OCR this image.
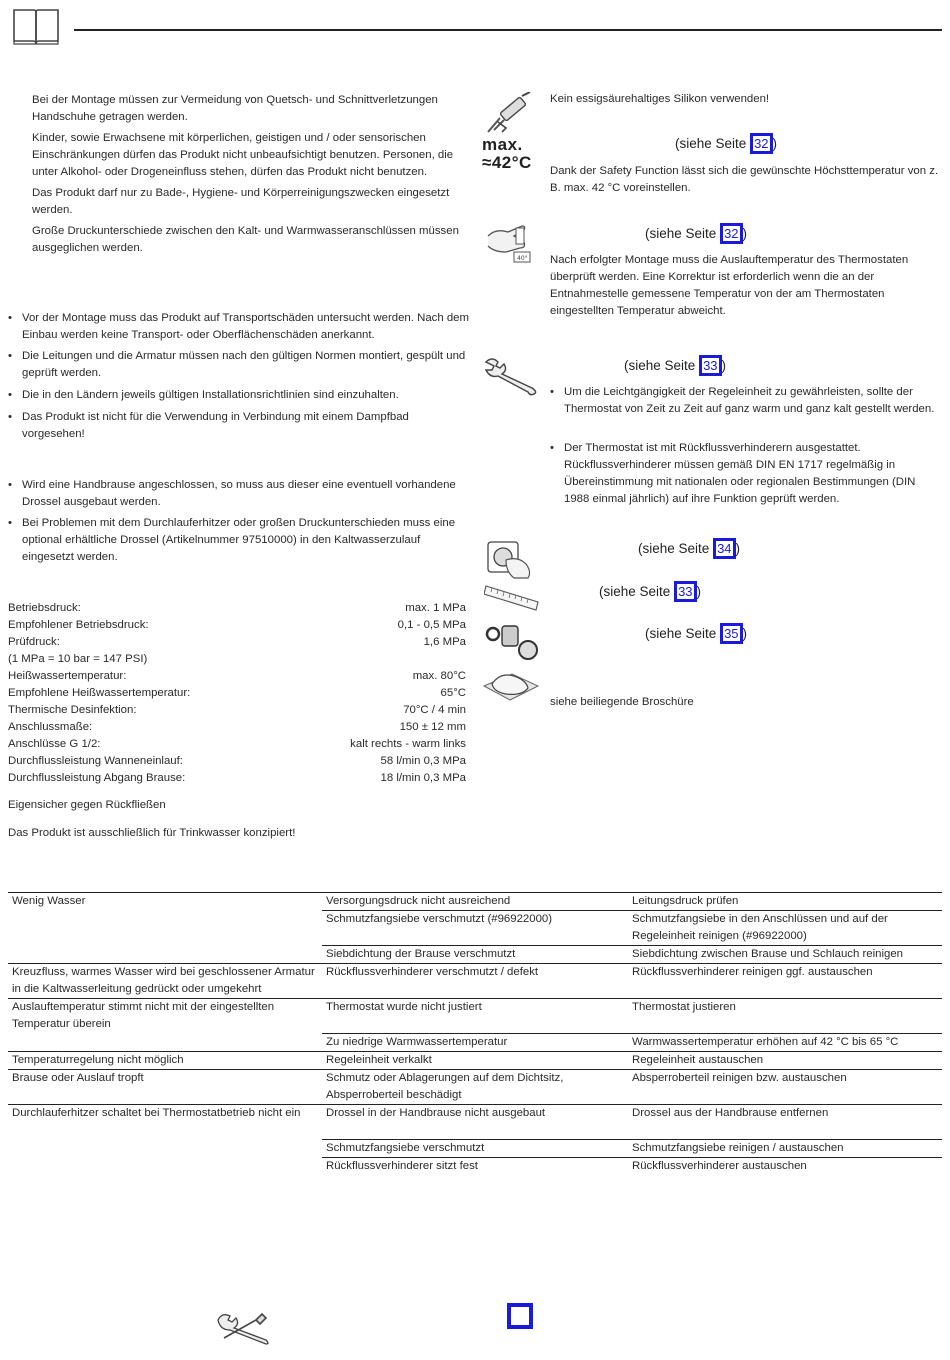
Bei der Montage müssen zur Vermeidung von Quetsch- und Schnittverletzungen Handschuhe getragen werden.

Kinder, sowie Erwachsene mit körperlichen, geistigen und / oder sensorischen Einschränkungen dürfen das Produkt nicht unbeaufsichtigt benutzen. Personen, die unter Alkohol- oder Drogeneinfluss stehen, dürfen das Produkt nicht benutzen.

Das Produkt darf nur zu Bade-, Hygiene- und Körperreinigungszwecken eingesetzt werden.

Große Druckunterschiede zwischen den Kalt- und Warmwasseranschlüssen müssen ausgeglichen werden.

• Vor der Montage muss das Produkt auf Transportschäden untersucht werden. Nach dem Einbau werden keine Transport- oder Oberflächenschäden anerkannt.
• Die Leitungen und die Armatur müssen nach den gültigen Normen montiert, gespült und geprüft werden.
• Die in den Ländern jeweils gültigen Installationsrichtlinien sind einzuhalten.
• Das Produkt ist nicht für die Verwendung in Verbindung mit einem Dampfbad vorgesehen!
• Wird eine Handbrause angeschlossen, so muss aus dieser eine eventuell vorhandene Drossel ausgebaut werden.
• Bei Problemen mit dem Durchlauferhitzer oder großen Druckunterschieden muss eine optional erhältliche Drossel (Artikelnummer 97510000) in den Kaltwasserzulauf eingesetzt werden.
Betriebsdruck:	max. 1 MPa
Empfohlener Betriebsdruck:	0,1 - 0,5 MPa
Prüfdruck:	1,6 MPa
(1 MPa = 10 bar = 147 PSI)
Heißwassertemperatur:	max. 80°C
Empfohlene Heißwassertemperatur:	65°C
Thermische Desinfektion:	70°C / 4 min
Anschlussmaße:	150 ± 12 mm
Anschlüsse G 1/2:	kalt rechts - warm links
Durchflussleistung Wanneneinlauf:	58 l/min 0,3 MPa
Durchflussleistung Abgang Brause:	18 l/min 0,3 MPa

Eigensicher gegen Rückfließen

Das Produkt ist ausschließlich für Trinkwasser konzipiert!

Kein essigsäurehaltiges Silikon verwenden!

max.
≈42°C
(siehe Seite 32 )

Dank der Safety Function lässt sich die gewünschte Höchsttemperatur von z. B. max. 42 °C voreinstellen.

40°
(siehe Seite 32 )

Nach erfolgter Montage muss die Auslauftemperatur des Thermostaten überprüft werden. Eine Korrektur ist erforderlich wenn die an der Entnahmestelle gemessene Temperatur von der am Thermostaten eingestellten Temperatur abweicht.

(siehe Seite 33 )
• Um die Leichtgängigkeit der Regeleinheit zu gewährleisten, sollte der Thermostat von Zeit zu Zeit auf ganz warm und ganz kalt gestellt werden.
• Der Thermostat ist mit Rückflussverhinderern ausgestattet. Rückflussverhinderer müssen gemäß DIN EN 1717 regelmäßig in Übereinstimmung mit nationalen oder regionalen Bestimmungen (DIN 1988 einmal jährlich) auf ihre Funktion geprüft werden.
(siehe Seite 34 )
(siehe Seite 33 )
(siehe Seite 35 )

siehe beiliegende Broschüre

Wenig Wasser	Versorgungsdruck nicht ausreichend	Leitungsdruck prüfen
	Schmutzfangsiebe verschmutzt (#96922000)	Schmutzfangsiebe in den Anschlüssen und auf der Regeleinheit reinigen (#96922000)
	Siebdichtung der Brause verschmutzt	Siebdichtung zwischen Brause und Schlauch reinigen
Kreuzfluss, warmes Wasser wird bei geschlossener Armatur in die Kaltwasserleitung gedrückt oder umgekehrt	Rückflussverhinderer verschmutzt / defekt	Rückflussverhinderer reinigen ggf. austauschen
Auslauftemperatur stimmt nicht mit der eingestellten Temperatur überein	Thermostat wurde nicht justiert	Thermostat justieren
	Zu niedrige Warmwassertemperatur	Warmwassertemperatur erhöhen auf 42 °C bis 65 °C
Temperaturregelung nicht möglich	Regeleinheit verkalkt	Regeleinheit austauschen
Brause oder Auslauf tropft	Schmutz oder Ablagerungen auf dem Dichtsitz, Absperroberteil beschädigt	Absperroberteil reinigen bzw. austauschen
Durchlauferhitzer schaltet bei Thermostatbetrieb nicht ein	Drossel in der Handbrause nicht ausgebaut	Drossel aus der Handbrause entfernen
	Schmutzfangsiebe verschmutzt	Schmutzfangsiebe reinigen / austauschen
	Rückflussverhinderer sitzt fest	Rückflussverhinderer austauschen
